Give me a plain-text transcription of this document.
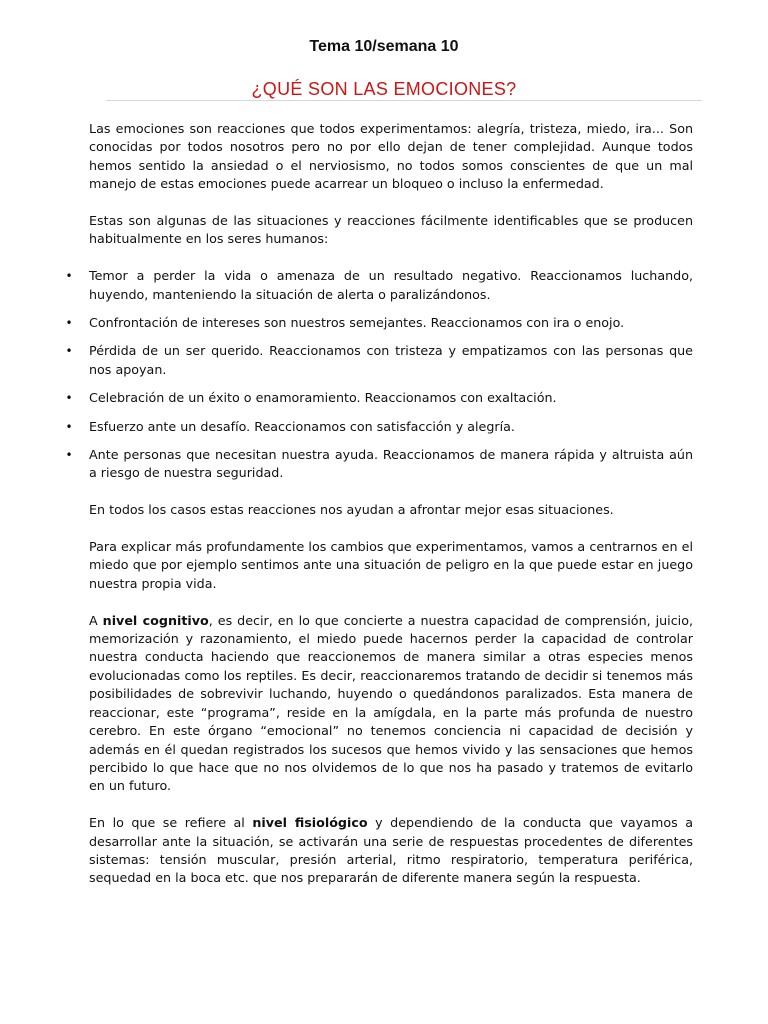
Tema 10/semana 10
¿QUÉ SON LAS EMOCIONES?

Las emociones son reacciones que todos experimentamos: alegría, tristeza, miedo, ira... Son conocidas por todos nosotros pero no por ello dejan de tener complejidad. Aunque todos hemos sentido la ansiedad o el nerviosismo, no todos somos conscientes de que un mal manejo de estas emociones puede acarrear un bloqueo o incluso la enfermedad.

Estas son algunas de las situaciones y reacciones fácilmente identificables que se producen habitualmente en los seres humanos:

• Temor a perder la vida o amenaza de un resultado negativo. Reaccionamos luchando, huyendo, manteniendo la situación de alerta o paralizándonos.
• Confrontación de intereses son nuestros semejantes. Reaccionamos con ira o enojo.
• Pérdida de un ser querido. Reaccionamos con tristeza y empatizamos con las personas que nos apoyan.
• Celebración de un éxito o enamoramiento. Reaccionamos con exaltación.
• Esfuerzo ante un desafío. Reaccionamos con satisfacción y alegría.
• Ante personas que necesitan nuestra ayuda. Reaccionamos de manera rápida y altruista aún a riesgo de nuestra seguridad.

En todos los casos estas reacciones nos ayudan a afrontar mejor esas situaciones.

Para explicar más profundamente los cambios que experimentamos, vamos a centrarnos en el miedo que por ejemplo sentimos ante una situación de peligro en la que puede estar en juego nuestra propia vida.

A nivel cognitivo, es decir, en lo que concierte a nuestra capacidad de comprensión, juicio, memorización y razonamiento, el miedo puede hacernos perder la capacidad de controlar nuestra conducta haciendo que reaccionemos de manera similar a otras especies menos evolucionadas como los reptiles. Es decir, reaccionaremos tratando de decidir si tenemos más posibilidades de sobrevivir luchando, huyendo o quedándonos paralizados. Esta manera de reaccionar, este “programa”, reside en la amígdala, en la parte más profunda de nuestro cerebro. En este órgano “emocional” no tenemos conciencia ni capacidad de decisión y además en él quedan registrados los sucesos que hemos vivido y las sensaciones que hemos percibido lo que hace que no nos olvidemos de lo que nos ha pasado y tratemos de evitarlo en un futuro.

En lo que se refiere al nivel fisiológico y dependiendo de la conducta que vayamos a desarrollar ante la situación, se activarán una serie de respuestas procedentes de diferentes sistemas: tensión muscular, presión arterial, ritmo respiratorio, temperatura periférica, sequedad en la boca etc. que nos prepararán de diferente manera según la respuesta.
